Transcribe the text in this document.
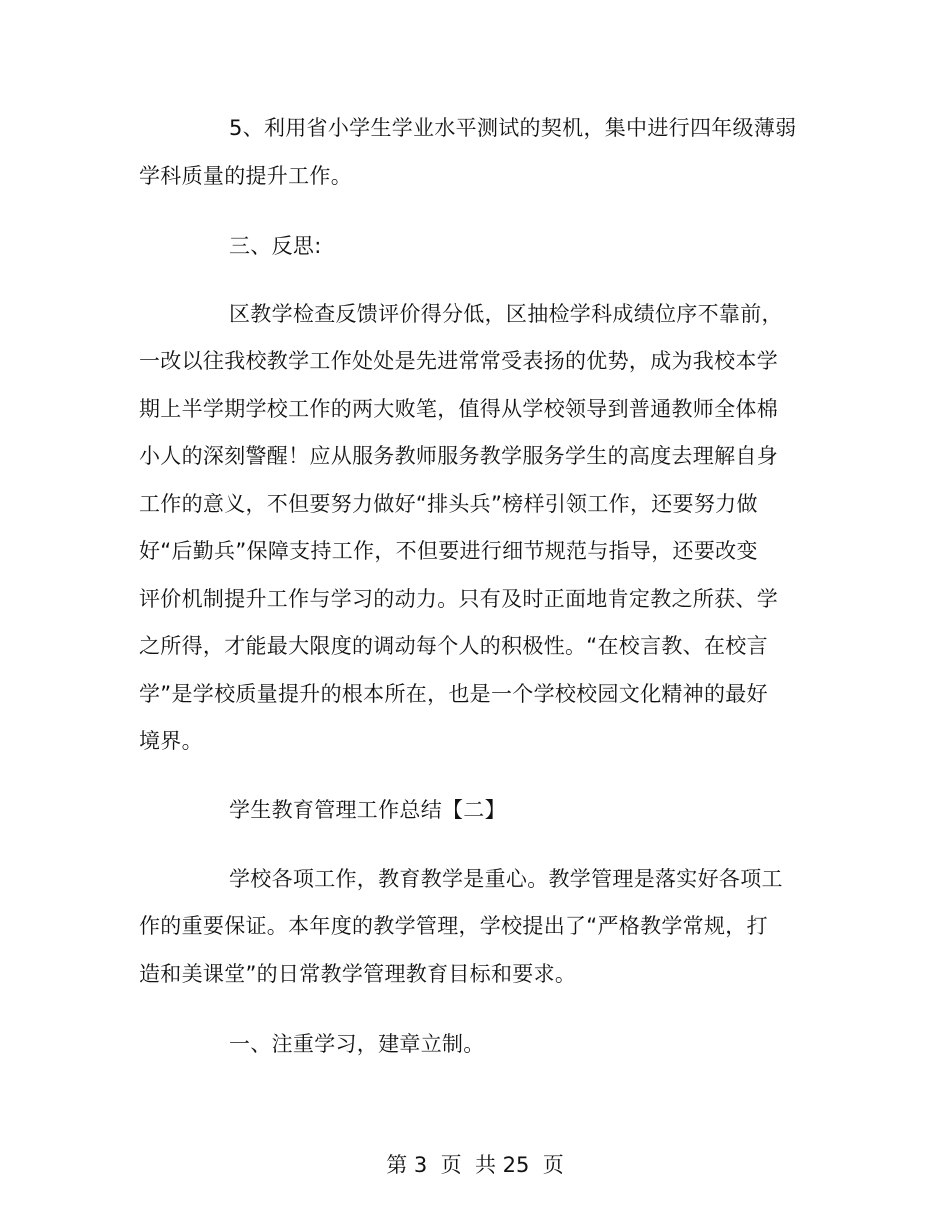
5、利用省小学生学业水平测试的契机，集中进行四年级薄弱
学科质量的提升工作。
三、反思:
区教学检查反馈评价得分低，区抽检学科成绩位序不靠前，
一改以往我校教学工作处处是先进常常受表扬的优势，成为我校本学
期上半学期学校工作的两大败笔，值得从学校领导到普通教师全体棉
小人的深刻警醒！应从服务教师服务教学服务学生的高度去理解自身
工作的意义，不但要努力做好“排头兵”榜样引领工作，还要努力做
好“后勤兵”保障支持工作，不但要进行细节规范与指导，还要改变
评价机制提升工作与学习的动力。只有及时正面地肯定教之所获、学
之所得，才能最大限度的调动每个人的积极性。“在校言教、在校言
学”是学校质量提升的根本所在，也是一个学校校园文化精神的最好
境界。
学生教育管理工作总结【二】
学校各项工作，教育教学是重心。教学管理是落实好各项工
作的重要保证。本年度的教学管理，学校提出了“严格教学常规，打
造和美课堂”的日常教学管理教育目标和要求。
一、注重学习，建章立制。
第 3  页  共 25  页
